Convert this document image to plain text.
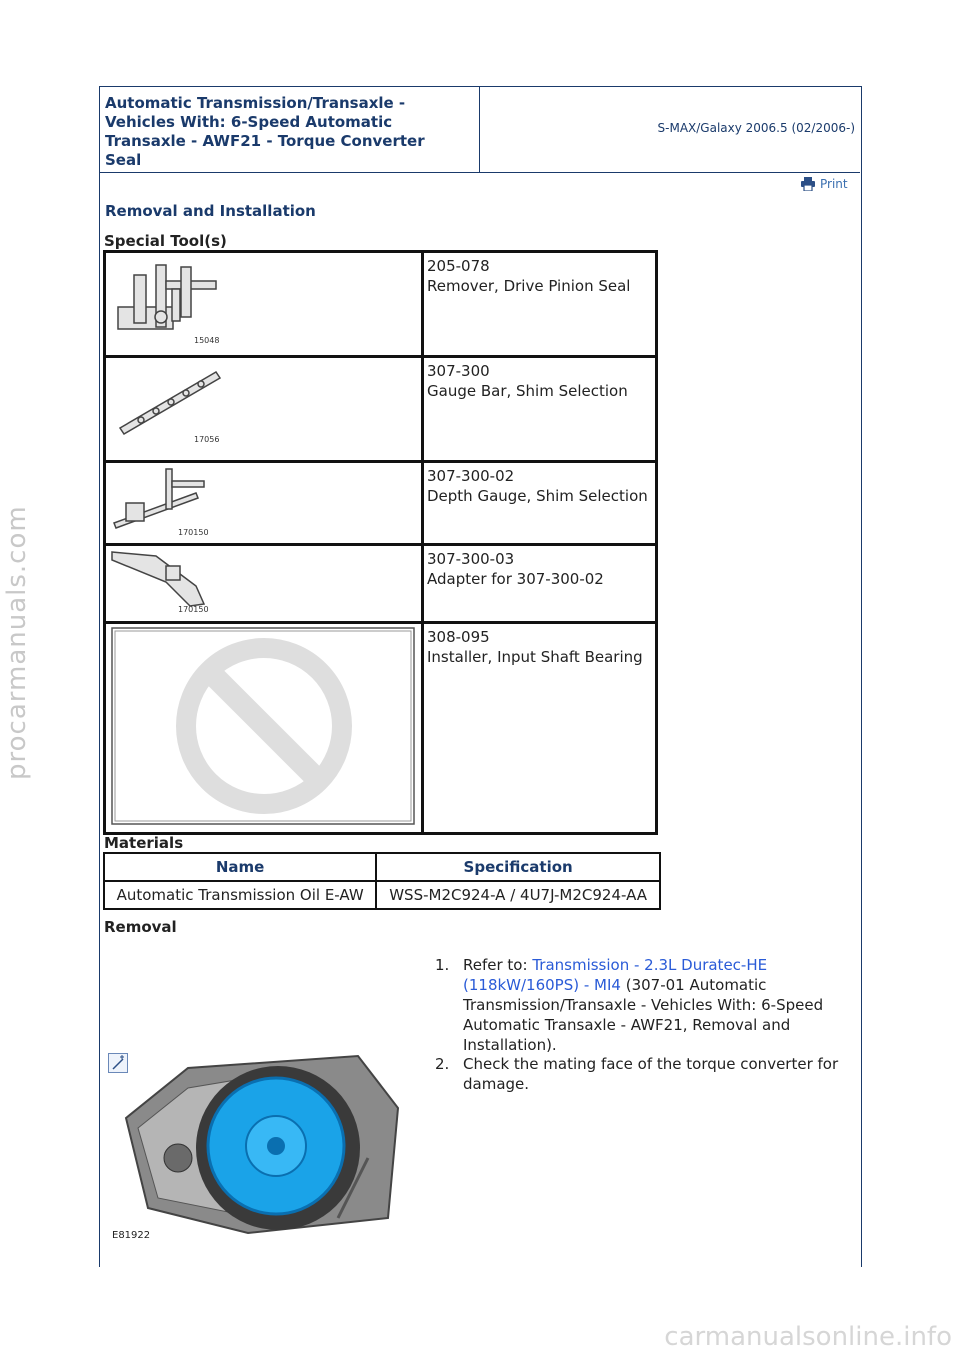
Automatic Transmission/Transaxle - Vehicles With: 6-Speed Automatic Transaxle - AWF21 - Torque Converter Seal
S-MAX/Galaxy 2006.5 (02/2006-)
Print
Removal and Installation
Special Tool(s)
15048	205-078
Remover, Drive Pinion Seal

17056	307-300
Gauge Bar, Shim Selection

170150	307-300-02
Depth Gauge, Shim Selection

170150	307-300-03
Adapter for 307-300-02

308-095
Installer, Input Shaft Bearing
Materials
Name	Specification
Automatic Transmission Oil E-AW	WSS-M2C924-A / 4U7J-M2C924-AA
Removal
1. Refer to: Transmission - 2.3L Duratec-HE (118kW/160PS) - MI4 (307-01 Automatic Transmission/Transaxle - Vehicles With: 6-Speed Automatic Transaxle - AWF21, Removal and Installation).
2. Check the mating face of the torque converter for damage.
E81922
procarmanuals.com
carmanualsonline.info
